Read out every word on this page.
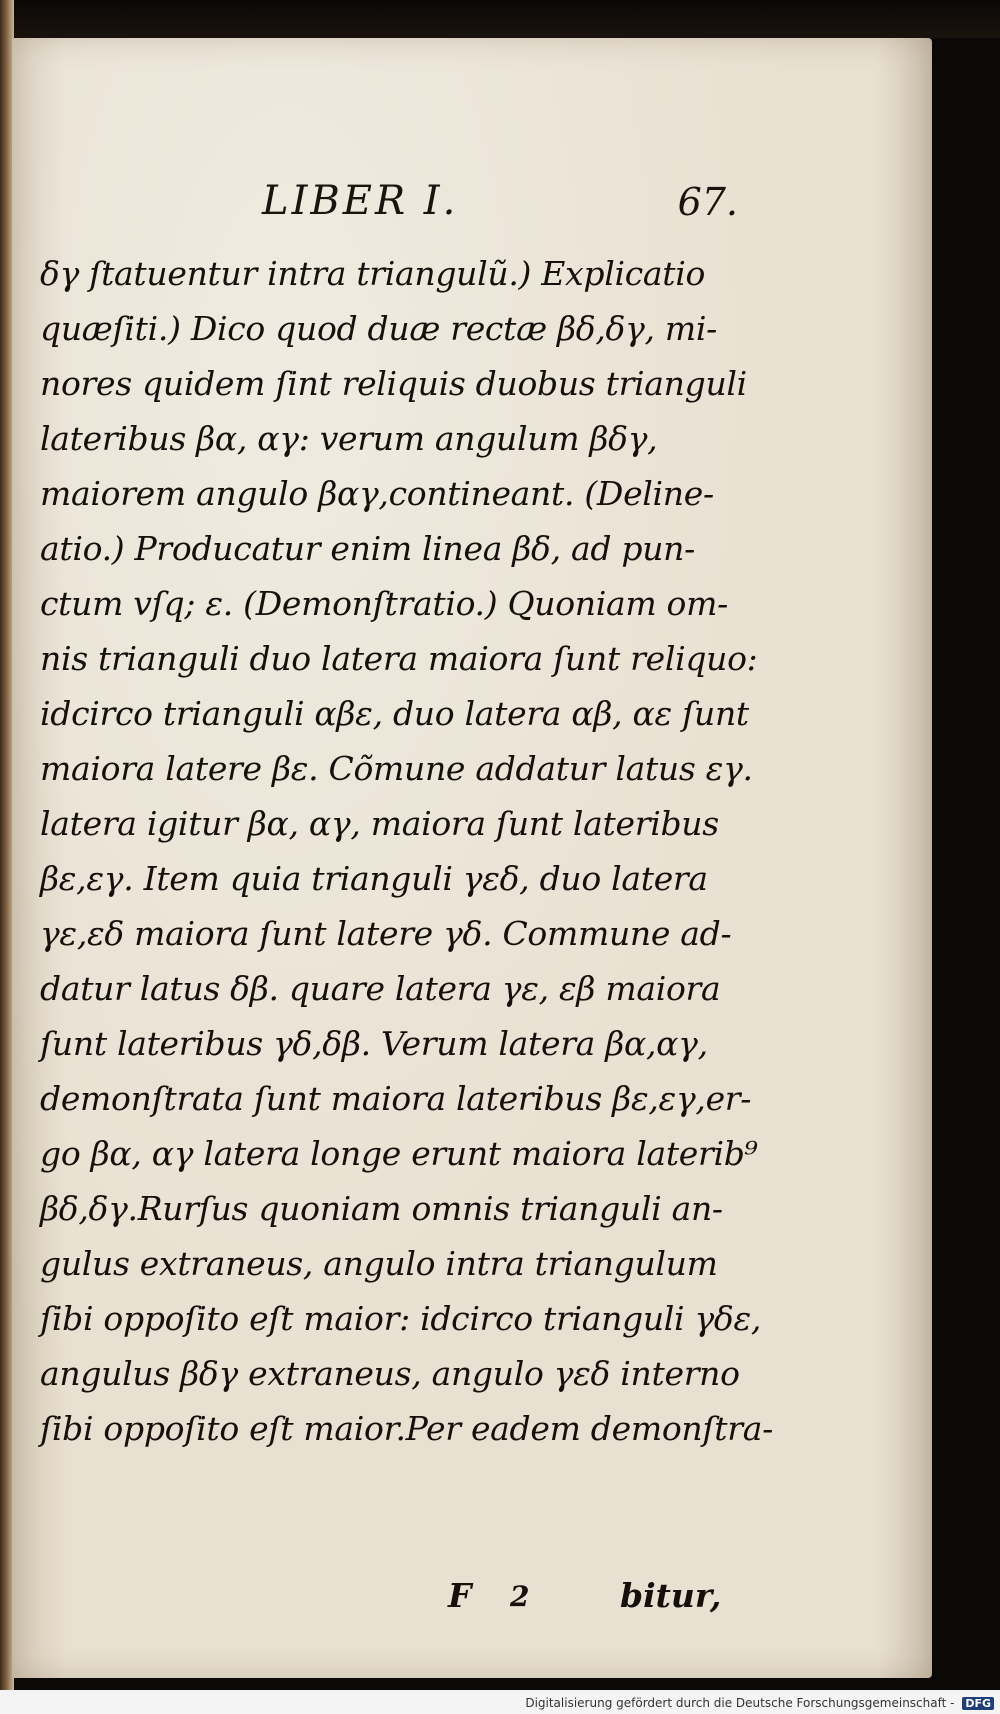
LIBER I.	67.
δγ ſtatuentur intra triangulũ.) Explicatio
quæſiti.) Dico quod duæ rectæ βδ,δγ, mi-
nores quidem ſint reliquis duobus trianguli
lateribus βα, αγ: verum angulum βδγ,
maiorem angulo βαγ,contineant. (Deline-
atio.) Producatur enim linea βδ, ad pun-
ctum vſq; ε. (Demonſtratio.) Quoniam om-
nis trianguli duo latera maiora ſunt reliquo:
idcirco trianguli αβε, duo latera αβ, αε ſunt
maiora latere βε. Cõmune addatur latus εγ.
latera igitur βα, αγ, maiora ſunt lateribus
βε,εγ. Item quia trianguli γεδ, duo latera
γε,εδ maiora ſunt latere γδ. Commune ad-
datur latus δβ. quare latera γε, εβ maiora
ſunt lateribus γδ,δβ. Verum latera βα,αγ,
demonſtrata ſunt maiora lateribus βε,εγ,er-
go βα, αγ latera longe erunt maiora laterib⁹
βδ,δγ.Rurſus quoniam omnis trianguli an-
gulus extraneus, angulo intra triangulum
ſibi oppoſito eſt maior: idcirco trianguli γδε,
angulus βδγ extraneus, angulo γεδ interno
ſibi oppoſito eſt maior.Per eadem demonſtra-
F 2	bitur,
Digitalisierung gefördert durch die Deutsche Forschungsgemeinschaft - DFG
